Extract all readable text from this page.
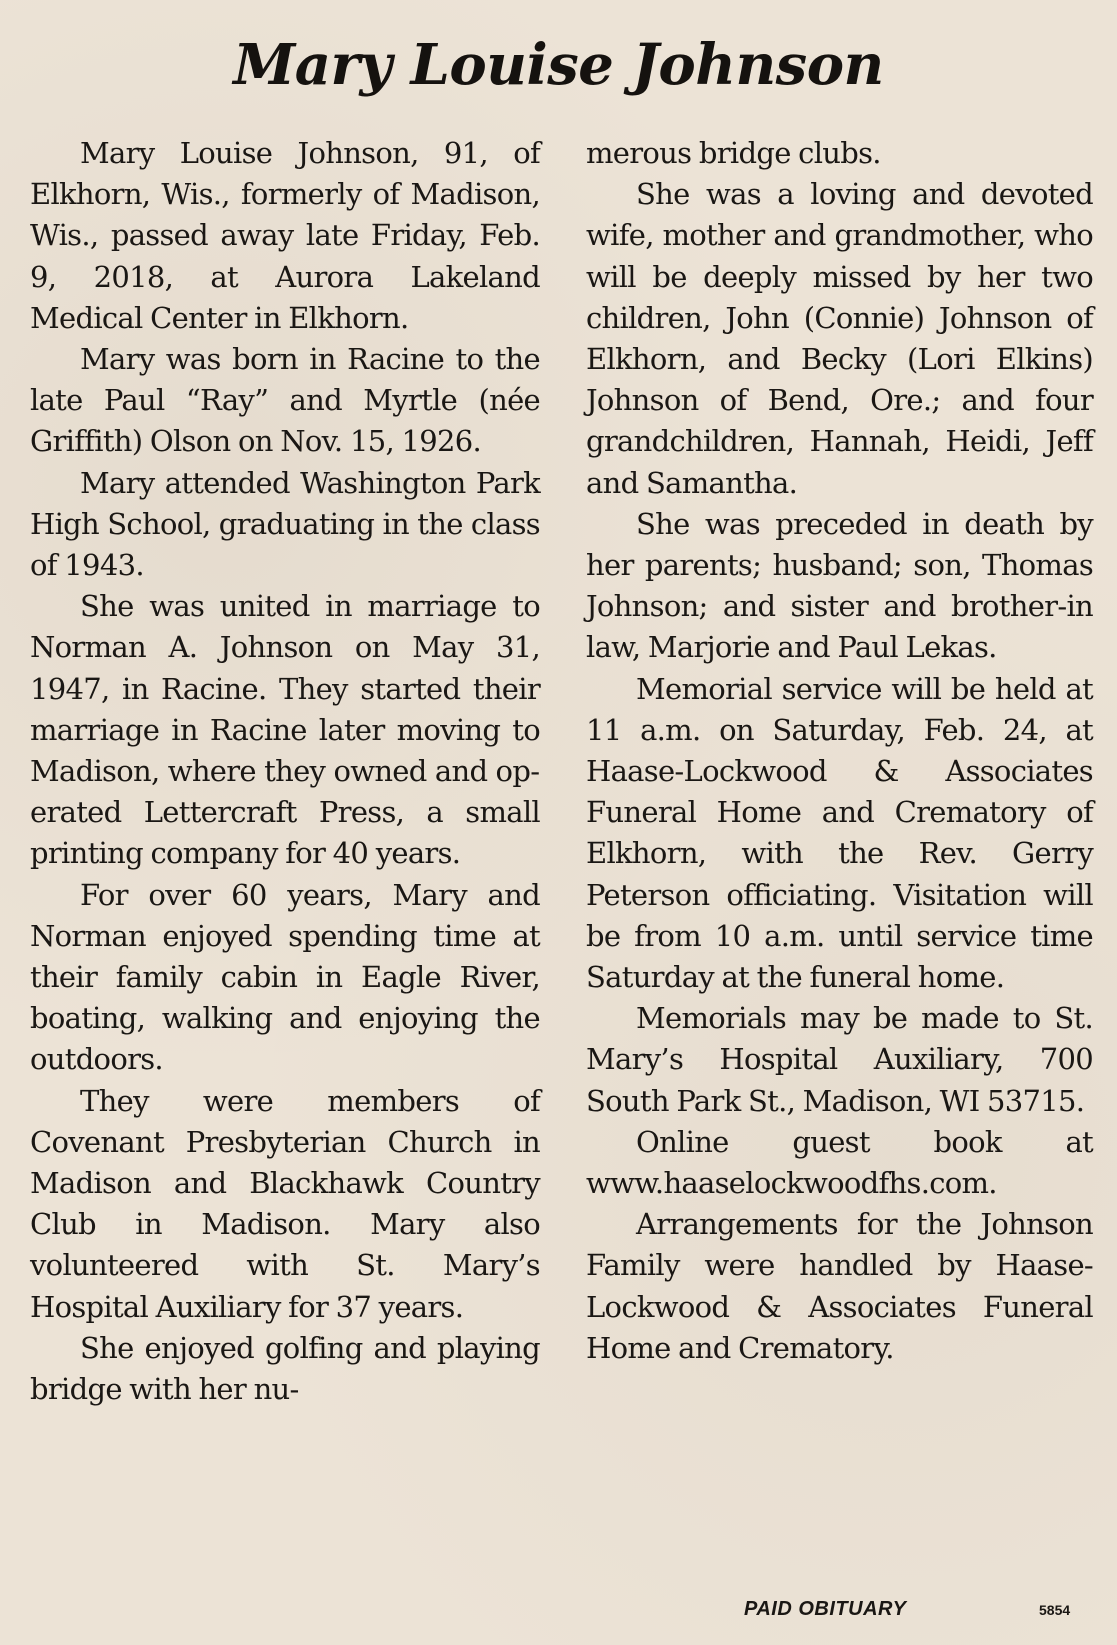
Mary Louise Johnson

Mary Louise Johnson, 91, of Elkhorn, Wis., formerly of Madison, Wis., passed away late Friday, Feb. 9, 2018, at Aurora Lakeland Medical Center in Elkhorn.

Mary was born in Racine to the late Paul “Ray” and Myrtle (née Griffith) Olson on Nov. 15, 1926.

Mary attended Washington Park High School, graduating in the class of 1943.

She was united in marriage to Norman A. Johnson on May 31, 1947, in Racine. They started their marriage in Racine later moving to Madison, where they owned and operated Lettercraft Press, a small printing company for 40 years.

For over 60 years, Mary and Norman enjoyed spending time at their family cabin in Eagle River, boating, walking and enjoying the outdoors.

They were members of Covenant Presbyterian Church in Madison and Blackhawk Country Club in Madison. Mary also volunteered with St. Mary’s Hospital Auxiliary for 37 years.

She enjoyed golfing and playing bridge with her nu-

merous bridge clubs.

She was a loving and devoted wife, mother and grandmother, who will be deeply missed by her two children, John (Connie) Johnson of Elkhorn, and Becky (Lori Elkins) Johnson of Bend, Ore.; and four grandchildren, Hannah, Heidi, Jeff and Samantha.

She was preceded in death by her parents; husband; son, Thomas Johnson; and sister and brother-in law, Marjorie and Paul Lekas.

Memorial service will be held at 11 a.m. on Saturday, Feb. 24, at Haase-Lockwood & Associates Funeral Home and Crematory of Elkhorn, with the Rev. Gerry Peterson officiating. Visitation will be from 10 a.m. until service time Saturday at the funeral home.

Memorials may be made to St. Mary’s Hospital Auxiliary, 700 South Park St., Madison, WI 53715.

Online guest book at www.haaselockwoodfhs.com.

Arrangements for the Johnson Family were handled by Haase-Lockwood & Associates Funeral Home and Crematory.

PAID OBITUARY	5854
